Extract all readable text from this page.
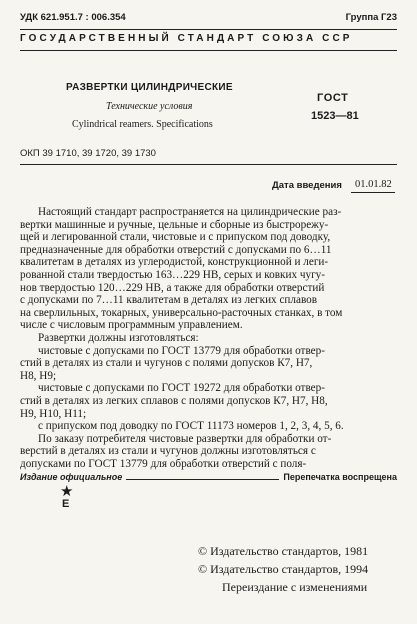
УДК 621.951.7 : 006.354	Группа Г23
ГОСУДАРСТВЕННЫЙ СТАНДАРТ СОЮЗА ССР
РАЗВЕРТКИ ЦИЛИНДРИЧЕСКИЕ
Технические условия
Cylindrical reamers. Specifications
ГОСТ
1523—81
ОКП 39 1710, 39 1720, 39 1730
Дата введения 01.01.82
Настоящий стандарт распространяется на цилиндрические раз-
вертки машинные и ручные, цельные и сборные из быстрорежу-
щей и легированной стали, чистовые и с припуском под доводку,
предназначенные для обработки отверстий с допусками по 6…11
квалитетам в деталях из углеродистой, конструкционной и леги-
рованной стали твердостью 163…229 НВ, серых и ковких чугу-
нов твердостью 120…229 НВ, а также для обработки отверстий
с допусками по 7…11 квалитетам в деталях из легких сплавов
на сверлильных, токарных, универсально-расточных станках, в том
числе с числовым программным управлением.
Развертки должны изготовляться:
чистовые с допусками по ГОСТ 13779 для обработки отвер-
стий в деталях из стали и чугунов с полями допусков К7, Н7,
Н8, Н9;
чистовые с допусками по ГОСТ 19272 для обработки отвер-
стий в деталях из легких сплавов с полями допусков К7, Н7, Н8,
Н9, Н10, Н11;
с припуском под доводку по ГОСТ 11173 номеров 1, 2, 3, 4, 5, 6.
По заказу потребителя чистовые развертки для обработки от-
верстий в деталях из стали и чугунов должны изготовляться с
допусками по ГОСТ 13779 для обработки отверстий с поля-
Издание официальное	Перепечатка воспрещена
★
Е
© Издательство стандартов, 1981
© Издательство стандартов, 1994
Переиздание с изменениями
